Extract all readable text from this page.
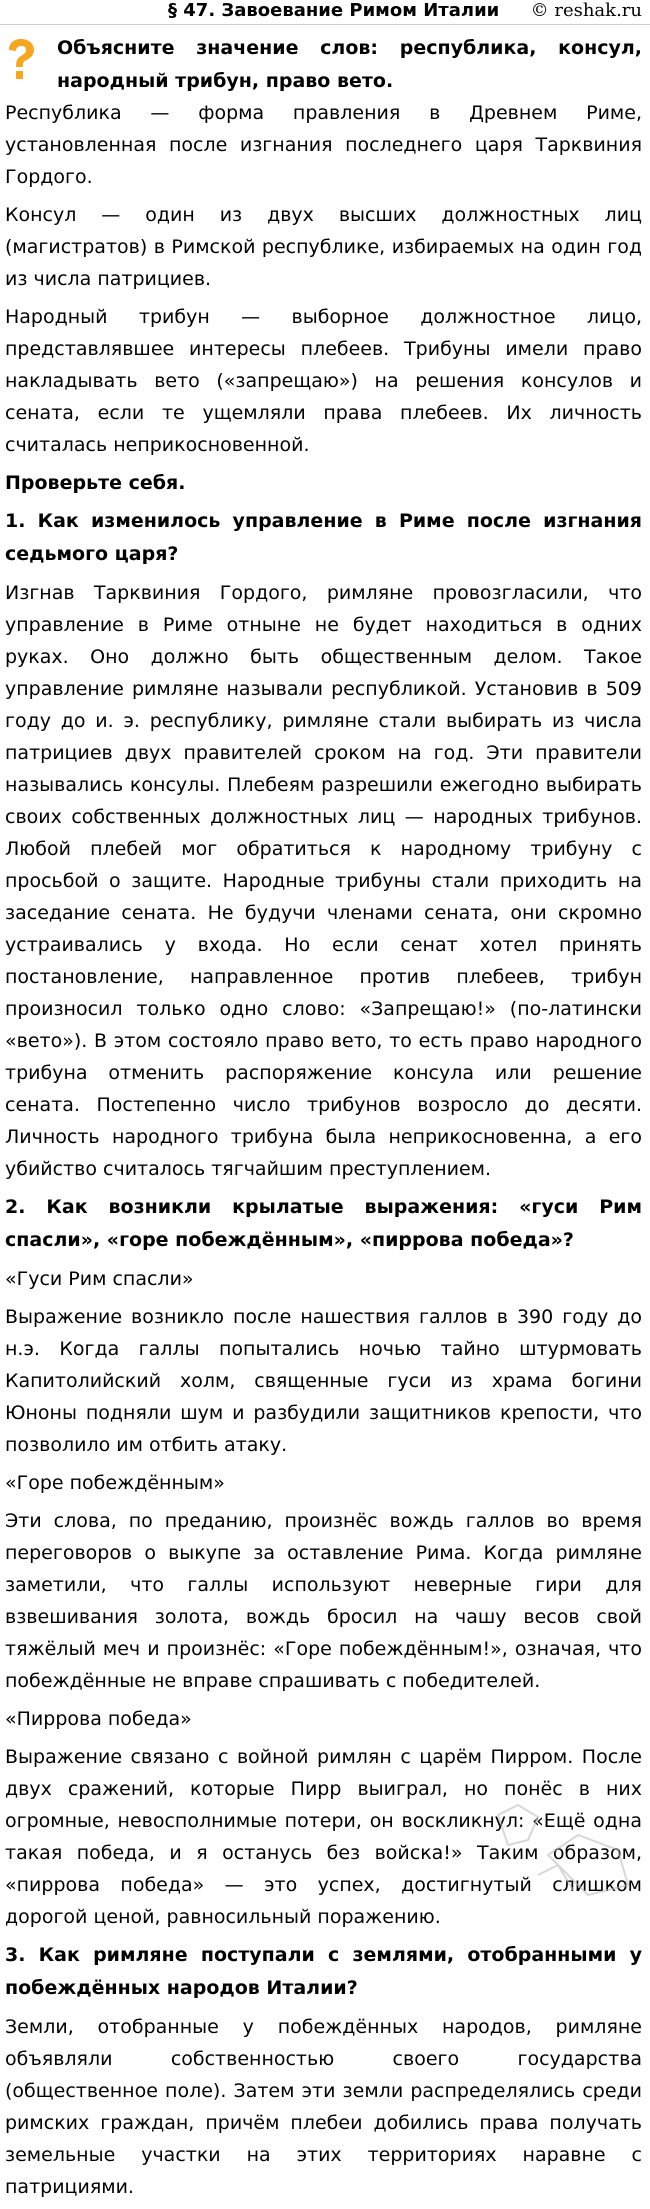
§ 47. Завоевание Римом Италии © reshak.ru
Объясните значение слов: республика, консул, народный трибун, право вето.

Республика — форма правления в Древнем Риме, установленная после изгнания последнего царя Тарквиния Гордого.

Консул — один из двух высших должностных лиц (магистратов) в Римской республике, избираемых на один год из числа патрициев.

Народный трибун — выборное должностное лицо, представлявшее интересы плебеев. Трибуны имели право накладывать вето («запрещаю») на решения консулов и сената, если те ущемляли права плебеев. Их личность считалась неприкосновенной.

Проверьте себя.
1. Как изменилось управление в Риме после изгнания седьмого царя?

Изгнав Тарквиния Гордого, римляне провозгласили, что управление в Риме отныне не будет находиться в одних руках. Оно должно быть общественным делом. Такое управление римляне называли республикой. Установив в 509 году до и. э. республику, римляне стали выбирать из числа патрициев двух правителей сроком на год. Эти правители назывались консулы. Плебеям разрешили ежегодно выбирать своих собственных должностных лиц — народных трибунов. Любой плебей мог обратиться к народному трибуну с просьбой о защите. Народные трибуны стали приходить на заседание сената. Не будучи членами сената, они скромно устраивались у входа. Но если сенат хотел принять постановление, направленное против плебеев, трибун произносил только одно слово: «Запрещаю!» (по-латински «вето»). В этом состояло право вето, то есть право народного трибуна отменить распоряжение консула или решение сената. Постепенно число трибунов возросло до десяти. Личность народного трибуна была неприкосновенна, а его убийство считалось тягчайшим преступлением.

2. Как возникли крылатые выражения: «гуси Рим спасли», «горе побеждённым», «пиррова победа»?

«Гуси Рим спасли»

Выражение возникло после нашествия галлов в 390 году до н.э. Когда галлы попытались ночью тайно штурмовать Капитолийский холм, священные гуси из храма богини Юноны подняли шум и разбудили защитников крепости, что позволило им отбить атаку.

«Горе побеждённым»

Эти слова, по преданию, произнёс вождь галлов во время переговоров о выкупе за оставление Рима. Когда римляне заметили, что галлы используют неверные гири для взвешивания золота, вождь бросил на чашу весов свой тяжёлый меч и произнёс: «Горе побеждённым!», означая, что побеждённые не вправе спрашивать с победителей.

«Пиррова победа»

Выражение связано с войной римлян с царём Пирром. После двух сражений, которые Пирр выиграл, но понёс в них огромные, невосполнимые потери, он воскликнул: «Ещё одна такая победа, и я останусь без войска!» Таким образом, «пиррова победа» — это успех, достигнутый слишком дорогой ценой, равносильный поражению.

3. Как римляне поступали с землями, отобранными у побеждённых народов Италии?

Земли, отобранные у побеждённых народов, римляне объявляли собственностью своего государства (общественное поле). Затем эти земли распределялись среди римских граждан, причём плебеи добились права получать земельные участки на этих территориях наравне с патрициями.
